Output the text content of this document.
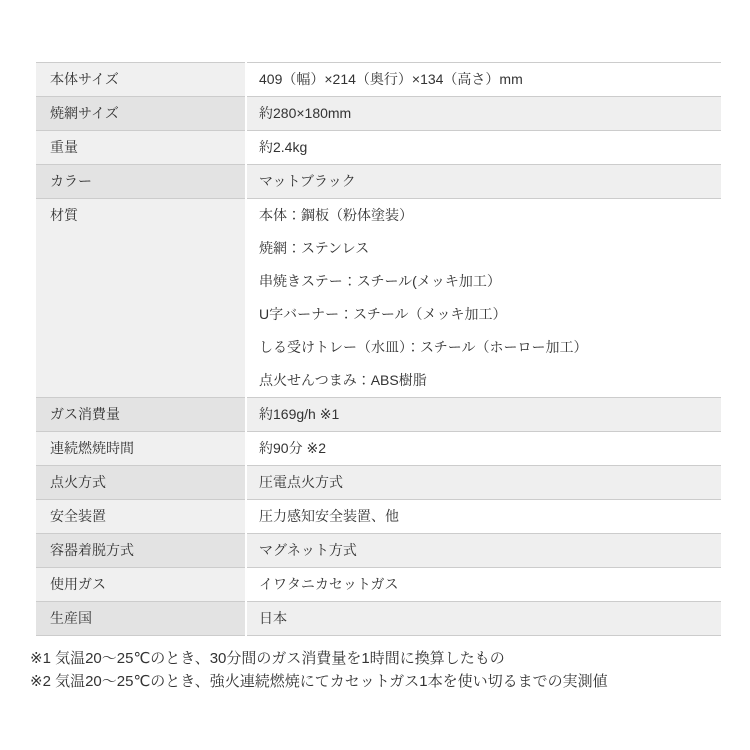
本体サイズ	409（幅）×214（奥行）×134（高さ）mm

焼網サイズ	約280×180mm

重量	約2.4kg

カラー	マットブラック

材質	本体：鋼板（粉体塗装）
焼網：ステンレス
串焼きステー：スチール(メッキ加工）
U字バーナー：スチール（メッキ加工）
しる受けトレー（水皿）：スチール（ホーロー加工）
点火せんつまみ：ABS樹脂

ガス消費量	約169g/h ※1

連続燃焼時間	約90分 ※2

点火方式	圧電点火方式

安全装置	圧力感知安全装置、他

容器着脱方式	マグネット方式

使用ガス	イワタニカセットガス

生産国	日本
※1 気温20～25℃のとき、30分間のガス消費量を1時間に換算したもの
※2 気温20～25℃のとき、強火連続燃焼にてカセットガス1本を使い切るまでの実測値
